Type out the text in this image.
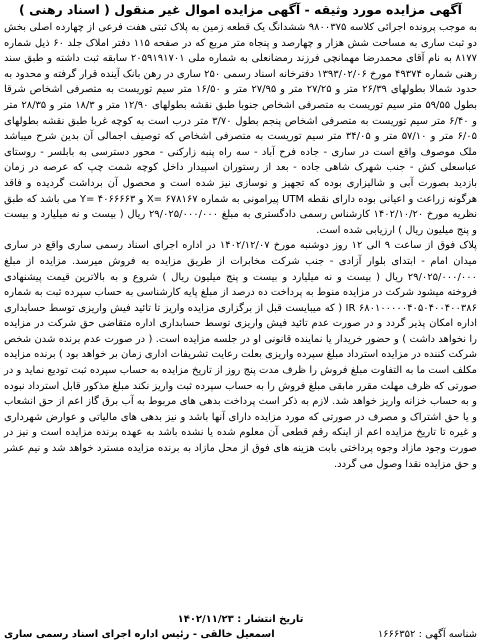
آگهی مزایده مورد وثیقه - آگهی مزایده اموال غیر منقول ( اسناد رهنی )

به موجب پرونده اجرائی کلاسه ۹۸۰۰۳۷۵ ششدانگ یک قطعه زمین به پلاک ثبتی هفت فرعی از چهارده اصلی بخش دو ثبت ساری به مساحت شش هزار و چهارصد و پنجاه متر مربع که در صفحه ۱۱۵ دفتر املاک جلد ۶۰ ذیل شماره ۸۱۷۷ به نام آقای محمدرضا مهمانچی فرزند رمضانعلی به شماره ملی ۲۰۵۹۱۹۱۷۰۱ سابقه ثبت داشته و طبق سند رهنی شماره ۴۹۳۷۴ مورخ ۱۳۹۳/۰۲/۰۶ دفترخانه اسناد رسمی ۲۵۰ ساری در رهن بانک آینده قرار گرفته و محدود به حدود شمالا بطولهای ۲۶/۳۹ متر و ۲۷/۲۵ متر و ۲۷/۹۵ متر و ۱۶/۵۰ متر سیم توریست به متصرفی اشخاص شرقا بطول ۵۹/۵۵ متر سیم توریست به متصرفی اشخاص جنوبا طبق نقشه بطولهای ۱۲/۹۰ متر و ۱۸/۳ متر و ۲۸/۳۵ متر و ۶/۴۰ متر سیم توریست به متصرفی اشخاص پنجم بطول ۳/۷۰ متر درب است به کوچه غربا طبق نقشه بطولهای ۶/۰۵ متر و ۵۷/۱۰ متر و ۳۴/۰۵ متر سیم توریست به متصرفی اشخاص که توصیف اجمالی آن بدین شرح میباشد ملک موصوف واقع است در ساری - جاده فرح آباد - سه راه پنبه زارکنی - محور دسترسی به بابلسر - روستای عباسعلی کش - جنب شهرک شاهی جاده - بعد از رستوران اسپیدار داخل کوچه شمت چپ که عرصه در زمان بازدید بصورت آبی و شالیزاری بوده که تجهیز و نوسازی نیز شده است و محصول آن برداشت گردیده و فاقد هرگونه زراعت و اعیانی بوده دارای نقطه UTM پیرامونی به شماره X= ۶۷۸۱۶۷ و Y= ۴۰۶۶۶۶۳ می باشد که طبق نظریه مورخ ۱۴۰۲/۱۰/۲۰ کارشناس رسمی دادگستری به مبلغ ۲۹/۰۲۵/۰۰۰/۰۰۰ ریال ( بیست و نه میلیارد و بیست و پنج میلیون ریال ) ارزیابی شده است.

پلاک فوق از ساعت ۹ الی ۱۲ روز دوشنبه مورخ ۱۴۰۲/۱۲/۰۷ در اداره اجرای اسناد رسمی ساری واقع در ساری میدان امام - ابتدای بلوار آزادی - جنب شرکت مخابرات از طریق مزایده به فروش میرسد. مزایده از مبلغ ۲۹/۰۲۵/۰۰۰/۰۰۰ ریال ( بیست و نه میلیارد و بیست و پنج میلیون ریال ) شروع و به بالاترین قیمت پیشنهادی فروخته میشود شرکت در مزایده منوط به پرداخت ده درصد از مبلغ پایه کارشناسی به حساب سپرده ثبت به شماره IR ۶۸۰۱۰۰۰۰۰۴۰۵۰۴۰۰۴۰۰۳۸۶ ( که میبایست قبل از برگزاری مزایده واریز تا تائید فیش واریزی توسط حسابداری اداره امکان پذیر گردد و در صورت عدم تائید فیش واریزی توسط حسابداری اداره متقاضی حق شرکت در مزایده را نخواهد داشت ) و حضور خریدار یا نماینده قانونی او در جلسه مزایده است. ( در صورت عدم برنده شدن شخص شرکت کننده در مزایده استرداد مبلغ سپرده واریزی بعلت رعایت تشریفات اداری زمان بر خواهد بود ) برنده مزایده مکلف است ما به التفاوت مبلغ فروش را ظرف مدت پنج روز از تاریخ مزایده به حساب سپرده ثبت تودیع نماید و در صورتی که ظرف مهلت مقرر مابقی مبلغ فروش را به حساب سپرده ثبت واریز نکند مبلغ مذکور قابل استرداد نبوده و به حساب خزانه واریز خواهد شد. لازم به ذکر است پرداخت بدهی های مربوط به آب برق گاز اعم از حق انشعاب و یا حق اشتراک و مصرف در صورتی که مورد مزایده دارای آنها باشد و نیز بدهی های مالیاتی و عوارض شهرداری و غیره تا تاریخ مزایده اعم از اینکه رقم قطعی آن معلوم شده یا نشده باشد به عهده برنده مزایده است و نیز در صورت وجود مازاد وجوه پرداختی بابت هزینه های فوق از محل مازاد به برنده مزایده مسترد خواهد شد و نیم عشر و حق مزایده نقدا وصول می گردد.

تاریخ انتشار : ۱۴۰۲/۱۱/۲۳
شناسه آگهی : ۱۶۶۶۳۵۲
اسمعیل خالقی - رئیس اداره اجرای اسناد رسمی ساری
